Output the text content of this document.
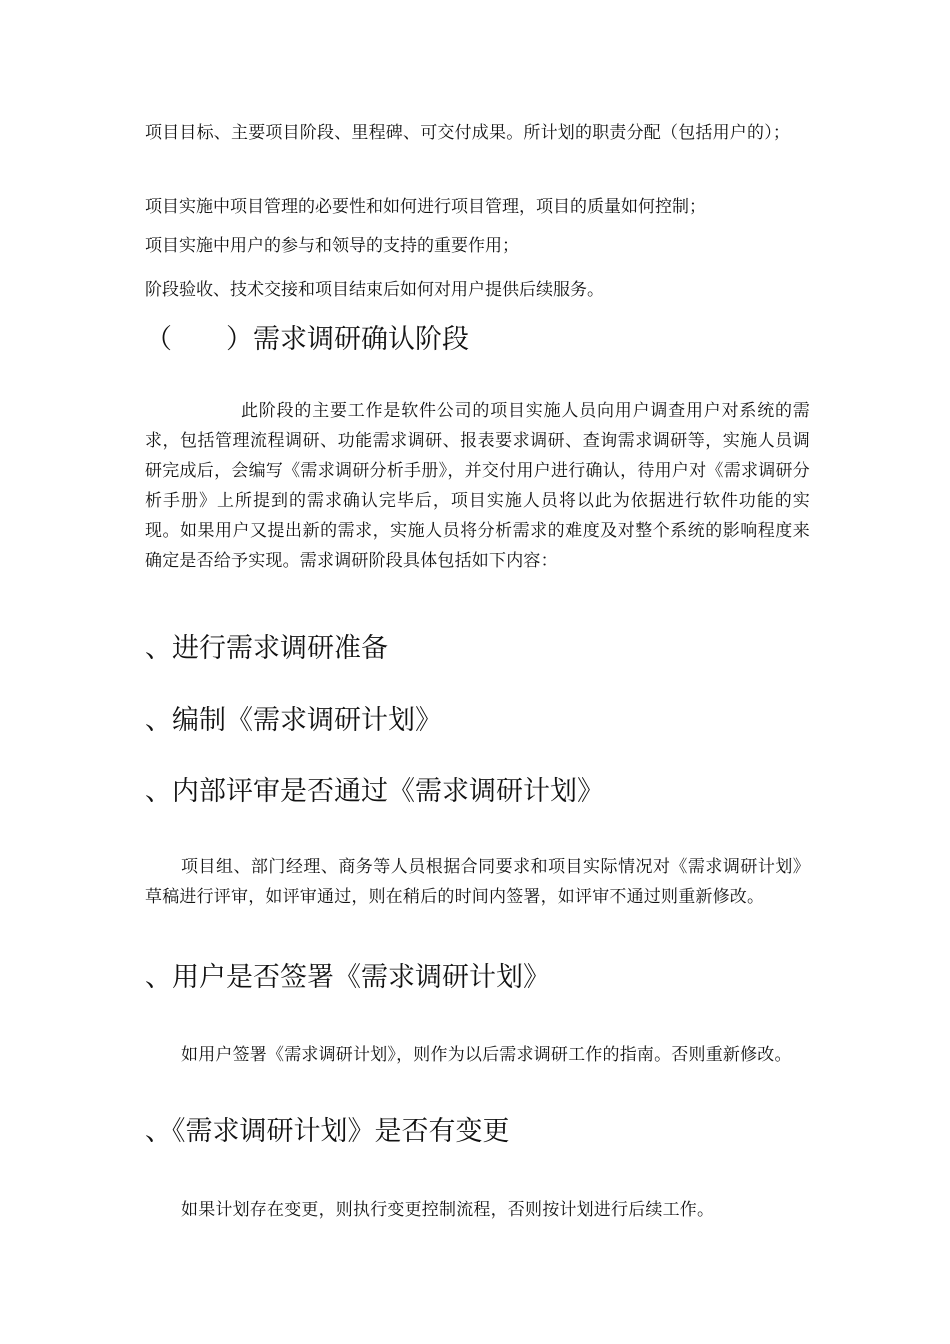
项目目标、主要项目阶段、里程碑、可交付成果。所计划的职责分配（包括用户的）；

项目实施中项目管理的必要性和如何进行项目管理，项目的质量如何控制；

项目实施中用户的参与和领导的支持的重要作用；

阶段验收、技术交接和项目结束后如何对用户提供后续服务。

（　　）需求调研确认阶段

此阶段的主要工作是软件公司的项目实施人员向用户调查用户对系统的需求，包括管理流程调研、功能需求调研、报表要求调研、查询需求调研等，实施人员调研完成后，会编写《需求调研分析手册》，并交付用户进行确认，待用户对《需求调研分析手册》上所提到的需求确认完毕后，项目实施人员将以此为依据进行软件功能的实现。如果用户又提出新的需求，实施人员将分析需求的难度及对整个系统的影响程度来确定是否给予实现。需求调研阶段具体包括如下内容：

、进行需求调研准备
、编制《需求调研计划》
、内部评审是否通过《需求调研计划》

项目组、部门经理、商务等人员根据合同要求和项目实际情况对《需求调研计划》草稿进行评审，如评审通过，则在稍后的时间内签署，如评审不通过则重新修改。

、用户是否签署《需求调研计划》

如用户签署《需求调研计划》，则作为以后需求调研工作的指南。否则重新修改。

、《需求调研计划》是否有变更

如果计划存在变更，则执行变更控制流程，否则按计划进行后续工作。
